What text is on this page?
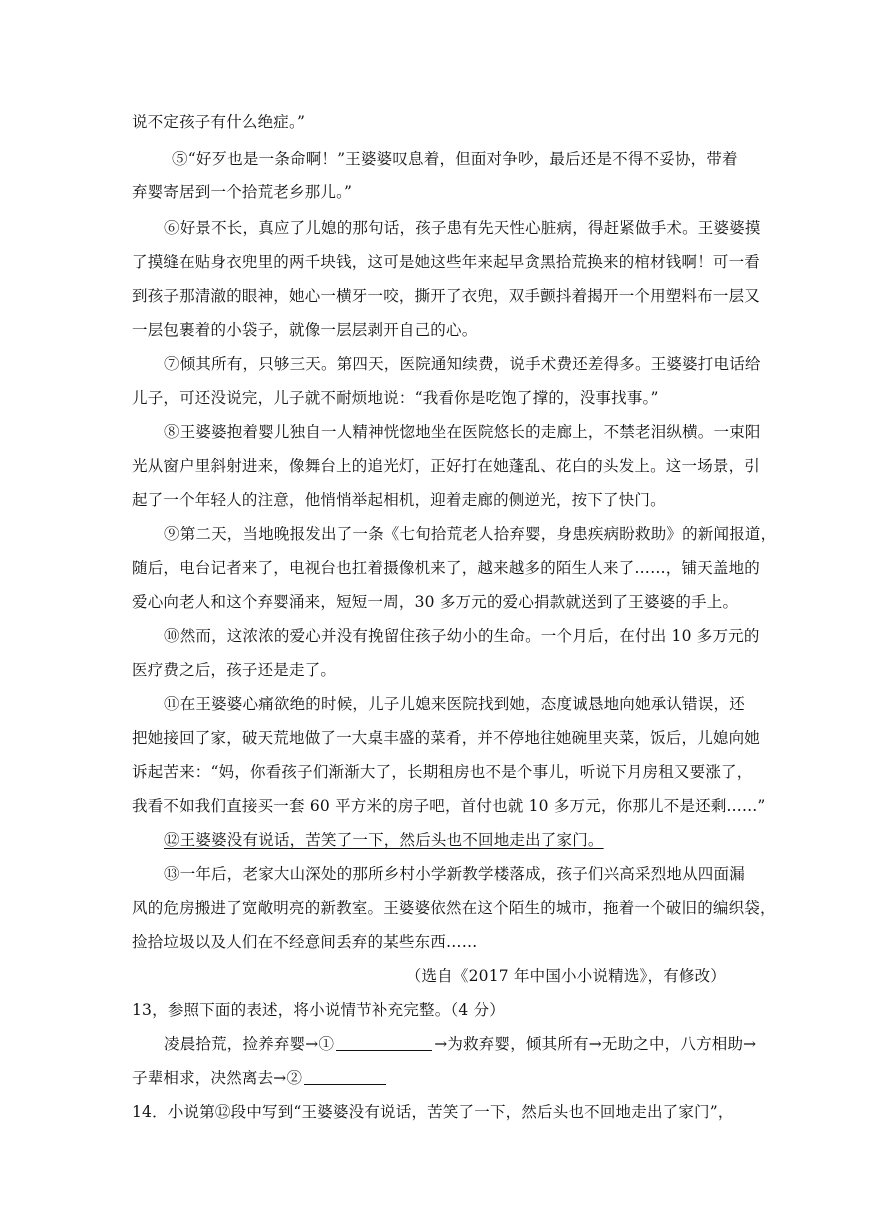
说不定孩子有什么绝症。”
⑤“好歹也是一条命啊！”王婆婆叹息着，但面对争吵，最后还是不得不妥协，带着
弃婴寄居到一个拾荒老乡那儿。”
⑥好景不长，真应了儿媳的那句话，孩子患有先天性心脏病，得赶紧做手术。王婆婆摸
了摸缝在贴身衣兜里的两千块钱，这可是她这些年来起早贪黑拾荒换来的棺材钱啊！可一看
到孩子那清澈的眼神，她心一横牙一咬，撕开了衣兜，双手颤抖着揭开一个用塑料布一层又
一层包裹着的小袋子，就像一层层剥开自己的心。
⑦倾其所有，只够三天。第四天，医院通知续费，说手术费还差得多。王婆婆打电话给
儿子，可还没说完，儿子就不耐烦地说：“我看你是吃饱了撑的，没事找事。”
⑧王婆婆抱着婴儿独自一人精神恍惚地坐在医院悠长的走廊上，不禁老泪纵横。一束阳
光从窗户里斜射进来，像舞台上的追光灯，正好打在她蓬乱、花白的头发上。这一场景，引
起了一个年轻人的注意，他悄悄举起相机，迎着走廊的侧逆光，按下了快门。
⑨第二天，当地晚报发出了一条《七旬拾荒老人拾弃婴，身患疾病盼救助》的新闻报道，
随后，电台记者来了，电视台也扛着摄像机来了，越来越多的陌生人来了……，铺天盖地的
爱心向老人和这个弃婴涌来，短短一周，30 多万元的爱心捐款就送到了王婆婆的手上。
⑩然而，这浓浓的爱心并没有挽留住孩子幼小的生命。一个月后，在付出 10 多万元的
医疗费之后，孩子还是走了。
⑪在王婆婆心痛欲绝的时候，儿子儿媳来医院找到她，态度诚恳地向她承认错误，还
把她接回了家，破天荒地做了一大桌丰盛的菜肴，并不停地往她碗里夹菜，饭后，儿媳向她
诉起苦来：“妈，你看孩子们渐渐大了，长期租房也不是个事儿，听说下月房租又要涨了，
我看不如我们直接买一套 60 平方米的房子吧，首付也就 10 多万元，你那儿不是还剩......”
⑫王婆婆没有说话，苦笑了一下，然后头也不回地走出了家门。
⑬一年后，老家大山深处的那所乡村小学新教学楼落成，孩子们兴高采烈地从四面漏
风的危房搬进了宽敞明亮的新教室。王婆婆依然在这个陌生的城市，拖着一个破旧的编织袋，
捡拾垃圾以及人们在不经意间丢弃的某些东西……
（选自《2017 年中国小小说精选》，有修改）
13，参照下面的表述，将小说情节补充完整。（4 分）
凌晨拾荒，捡养弃婴→①	→为救弃婴，倾其所有→无助之中，八方相助→
子辈相求，决然离去→②
14．小说第⑫段中写到“王婆婆没有说话，苦笑了一下，然后头也不回地走出了家门”，
